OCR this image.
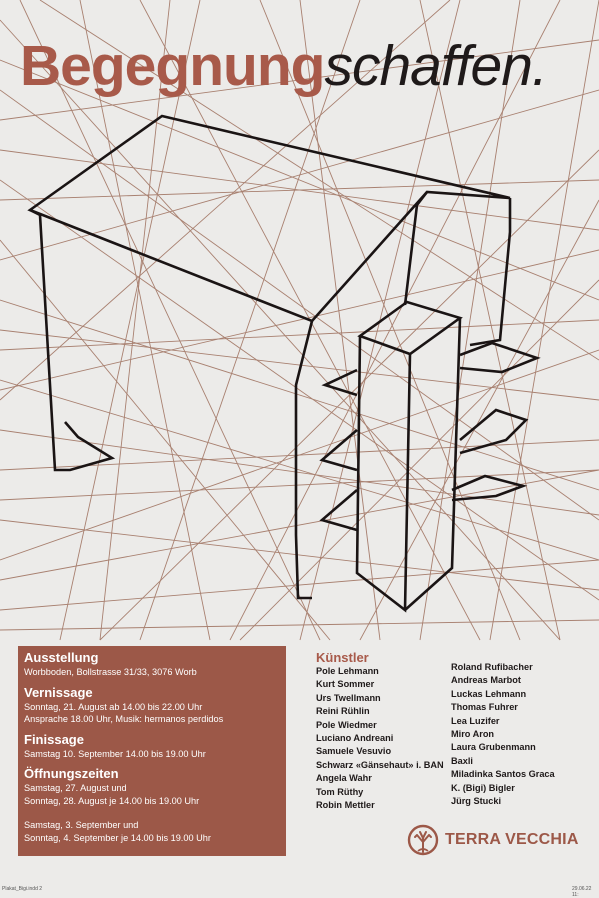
Begegnungschaffen.
Ausstellung

Worbboden, Bollstrasse 31/33, 3076 Worb

Vernissage

Sonntag, 21. August ab 14.00 bis 22.00 Uhr

Ansprache 18.00 Uhr, Musik: hermanos perdidos

Finissage

Samstag 10. September 14.00 bis 19.00 Uhr

Öffnungszeiten

Samstag, 27. August und

Sonntag, 28. August je 14.00 bis 19.00 Uhr

Samstag, 3. September und

Sonntag, 4. September je 14.00 bis 19.00 Uhr

Künstler
Pole Lehmann
Kurt Sommer
Urs Twellmann
Reini Rühlin
Pole Wiedmer
Luciano Andreani
Samuele Vesuvio
Schwarz «Gänsehaut» i. BAN
Angela Wahr
Tom Rüthy
Robin Mettler
Roland Rufibacher
Andreas Marbot
Luckas Lehmann
Thomas Fuhrer
Lea Luzifer
Miro Aron
Laura Grubenmann
Baxli
Miladinka Santos Graca
K. (Bigi) Bigler
Jürg Stucki
TERRA VECCHIA
Plakat_Bigi.indd 2	29.06.22 11:
